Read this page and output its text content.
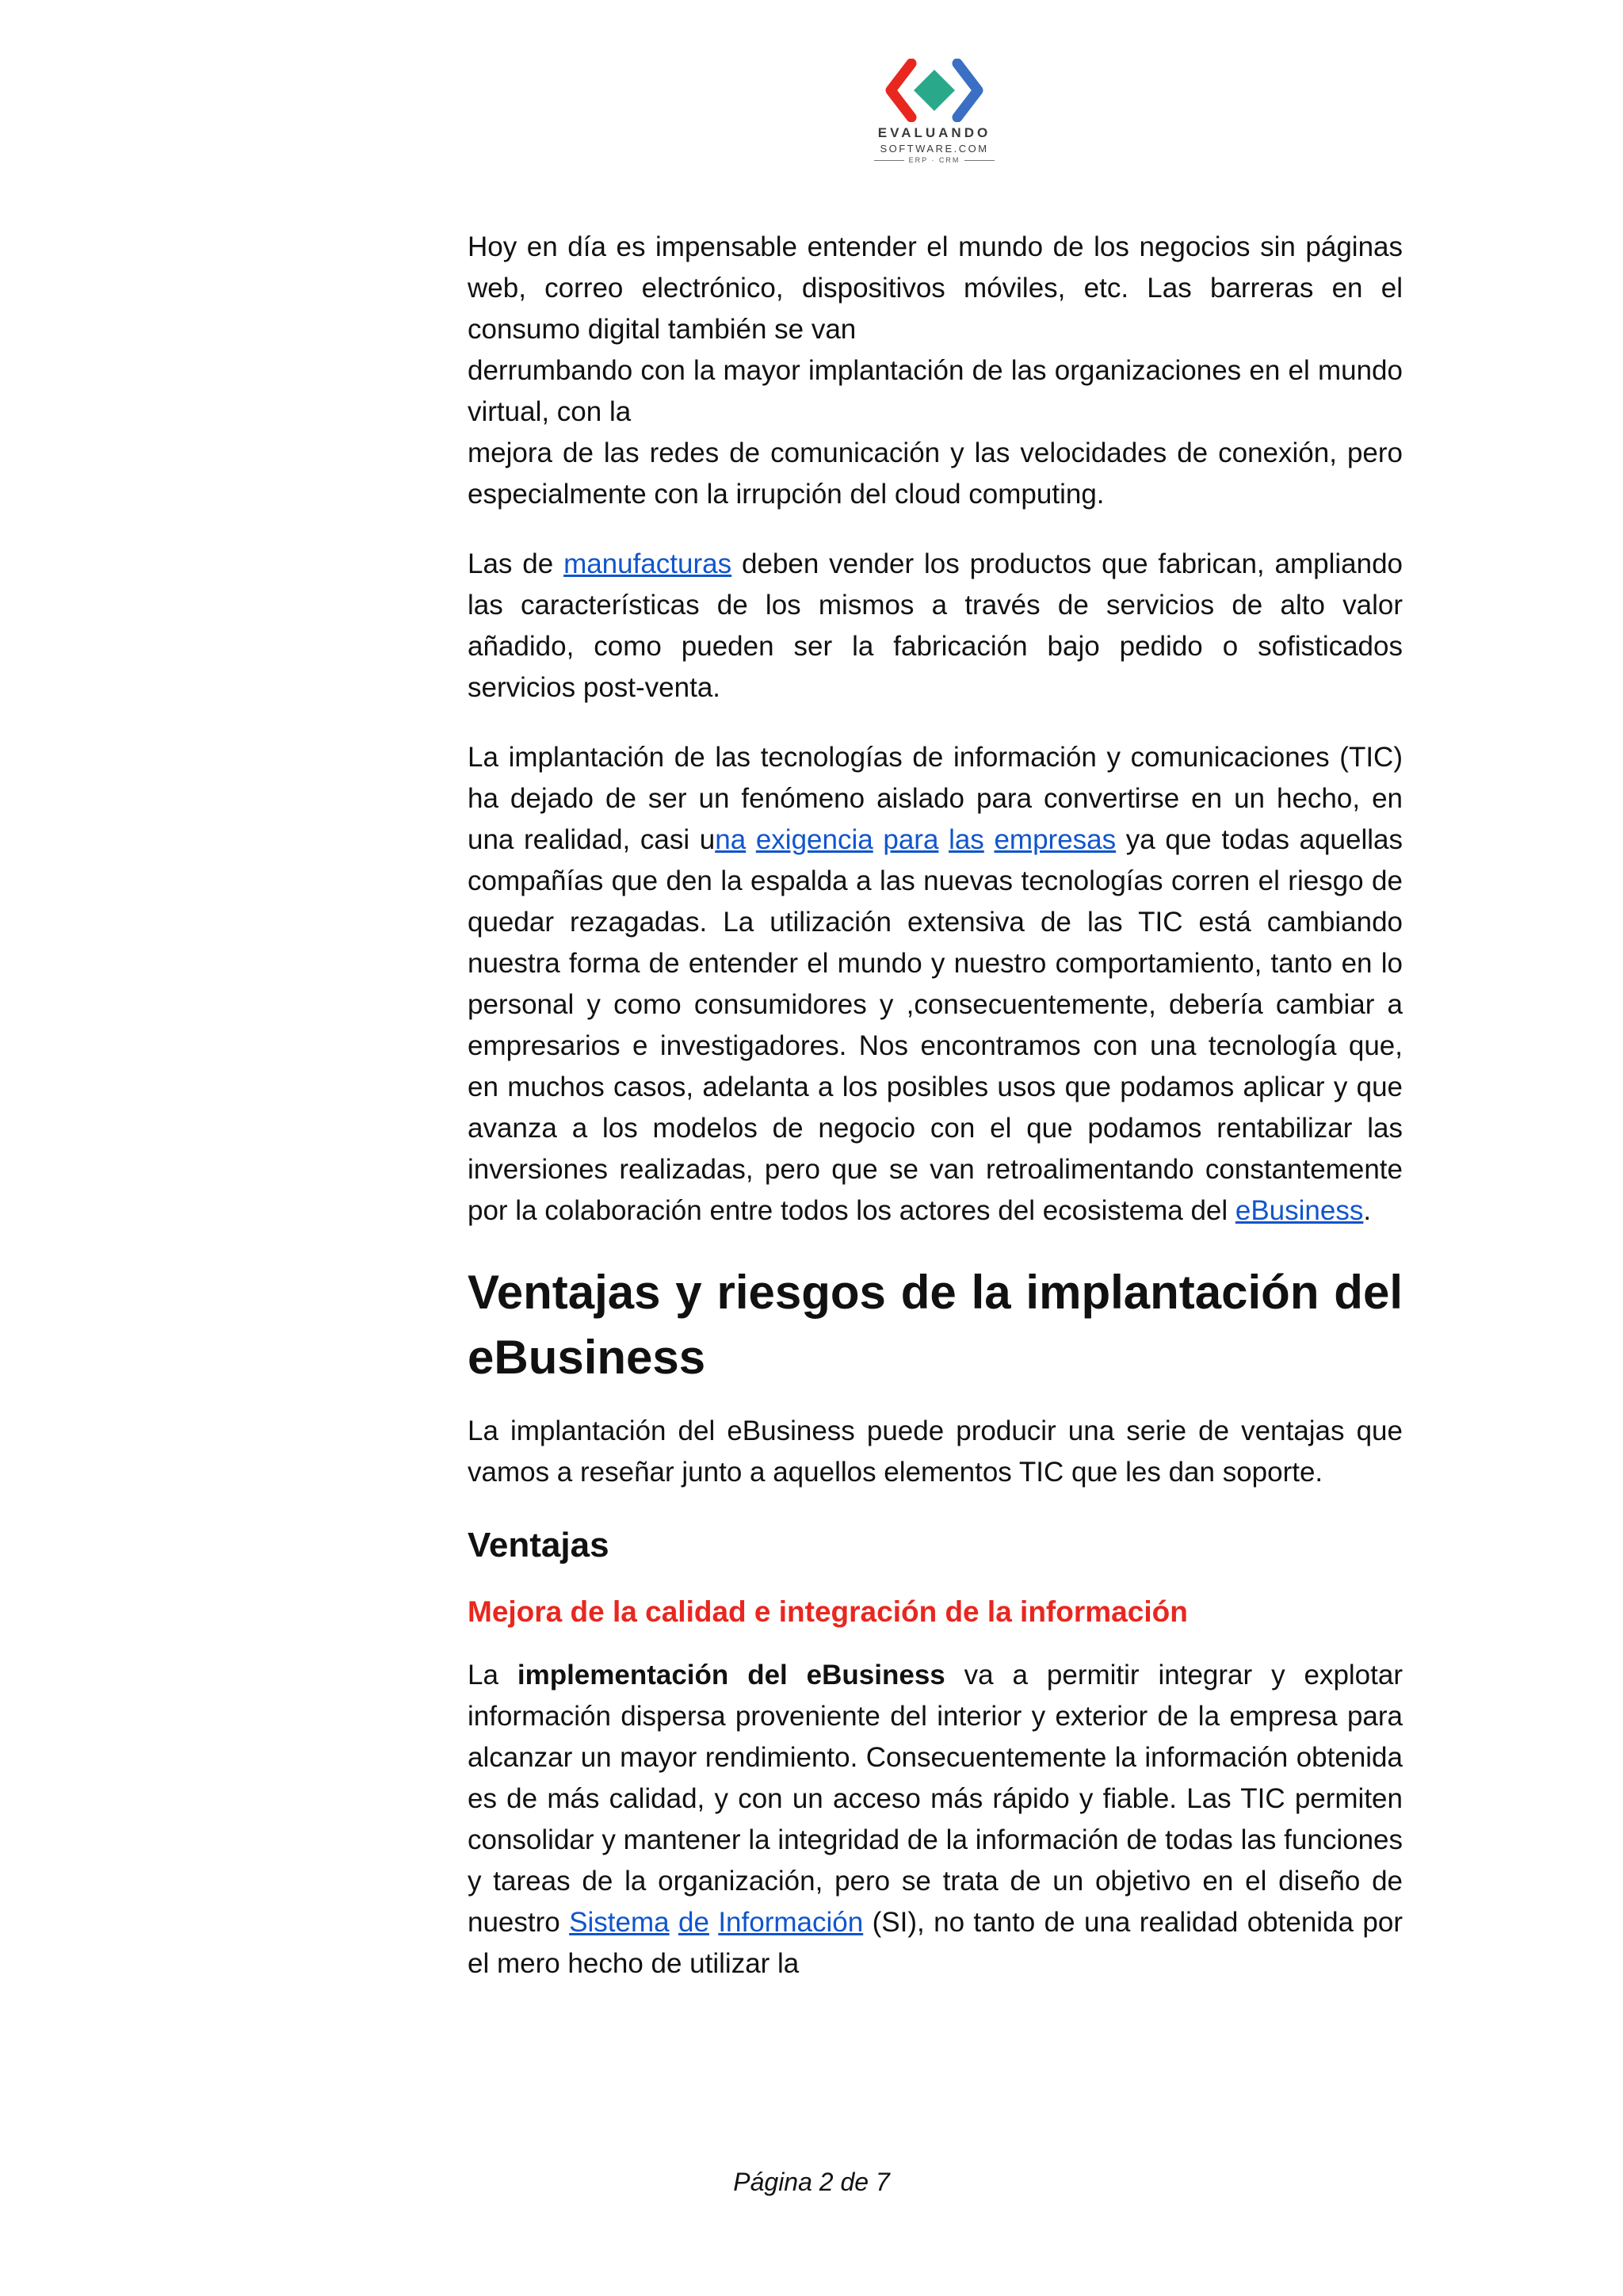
EVALUANDO
SOFTWARE.COM
ERP · CRM

Hoy en día es impensable entender el mundo de los negocios sin páginas web, correo electrónico, dispositivos móviles, etc. Las barreras en el consumo digital también se van
derrumbando con la mayor implantación de las organizaciones en el mundo virtual, con la
mejora de las redes de comunicación y las velocidades de conexión, pero especialmente con la irrupción del cloud computing.

Las de manufacturas deben vender los productos que fabrican, ampliando las características de los mismos a través de servicios de alto valor añadido, como pueden ser la fabricación bajo pedido o sofisticados servicios post-venta.

La implantación de las tecnologías de información y comunicaciones (TIC) ha dejado de ser un fenómeno aislado para convertirse en un hecho, en una realidad, casi una exigencia para las empresas ya que todas aquellas compañías que den la espalda a las nuevas tecnologías corren el riesgo de quedar rezagadas. La utilización extensiva de las TIC está cambiando nuestra forma de entender el mundo y nuestro comportamiento, tanto en lo personal y como consumidores y ,consecuentemente, debería cambiar a empresarios e investigadores. Nos encontramos con una tecnología que, en muchos casos, adelanta a los posibles usos que podamos aplicar y que avanza a los modelos de negocio con el que podamos rentabilizar las inversiones realizadas, pero que se van retroalimentando constantemente por la colaboración entre todos los actores del ecosistema del eBusiness.

Ventajas y riesgos de la implantación del eBusiness

La implantación del eBusiness puede producir una serie de ventajas que vamos a reseñar junto a aquellos elementos TIC que les dan soporte.

Ventajas
Mejora de la calidad e integración de la información

La implementación del eBusiness va a permitir integrar y explotar información dispersa proveniente del interior y exterior de la empresa para alcanzar un mayor rendimiento. Consecuentemente la información obtenida es de más calidad, y con un acceso más rápido y fiable. Las TIC permiten consolidar y mantener la integridad de la información de todas las funciones y tareas de la organización, pero se trata de un objetivo en el diseño de nuestro Sistema de Información (SI), no tanto de una realidad obtenida por el mero hecho de utilizar la

Página 2 de 7
